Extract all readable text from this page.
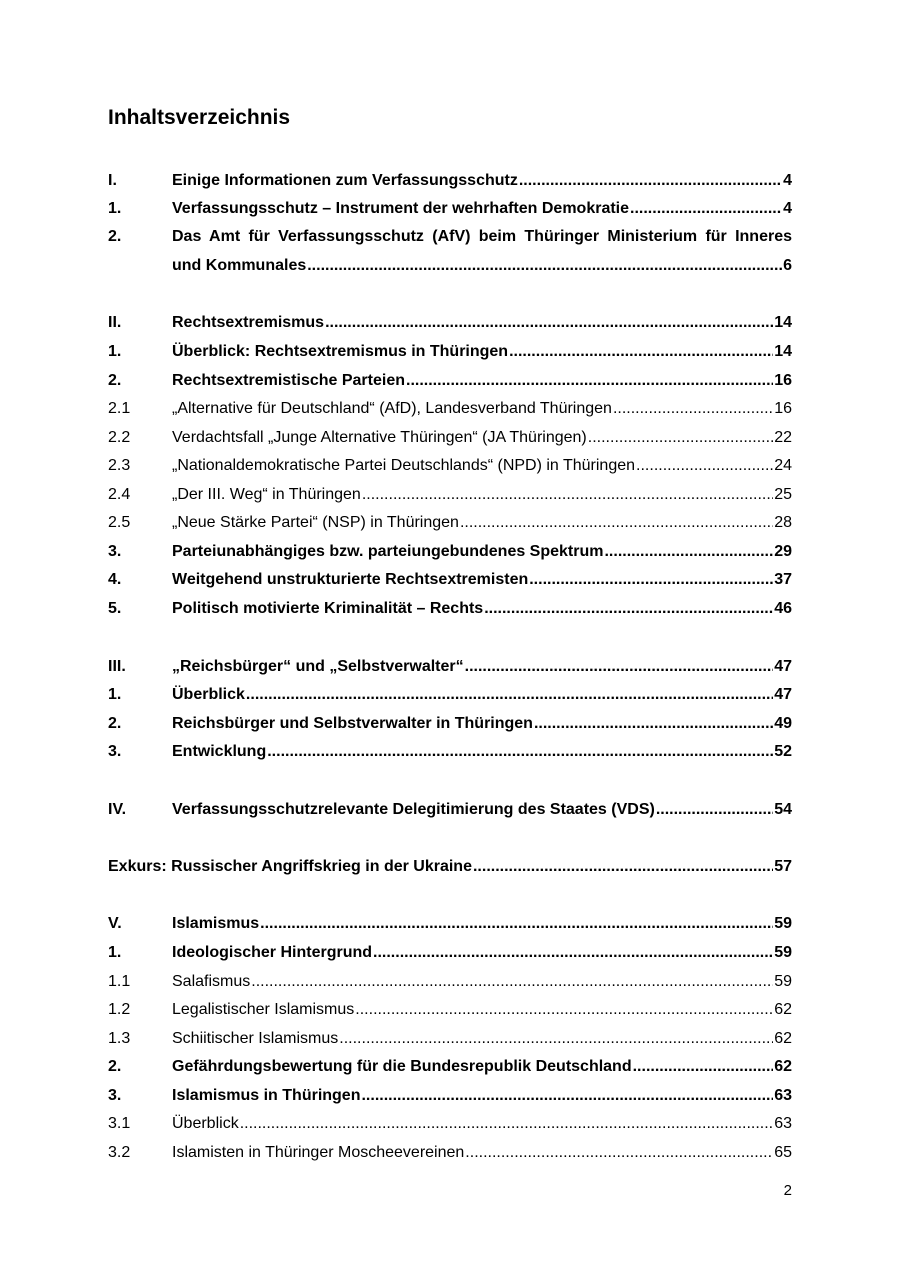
Inhaltsverzeichnis
I.	Einige Informationen zum Verfassungsschutz .....	4
1.	Verfassungsschutz – Instrument der wehrhaften Demokratie .....	4
2.	Das Amt für Verfassungsschutz (AfV) beim Thüringer Ministerium für Inneres
und Kommunales .....	6
II.	Rechtsextremismus .....	14
1.	Überblick: Rechtsextremismus in Thüringen .....	14
2.	Rechtsextremistische Parteien .....	16
2.1	„Alternative für Deutschland“ (AfD), Landesverband Thüringen .....	16
2.2	Verdachtsfall „Junge Alternative Thüringen“ (JA Thüringen) .....	22
2.3	„Nationaldemokratische Partei Deutschlands“ (NPD) in Thüringen .....	24
2.4	„Der III. Weg“ in Thüringen .....	25
2.5	„Neue Stärke Partei“ (NSP) in Thüringen .....	28
3.	Parteiunabhängiges bzw. parteiungebundenes Spektrum .....	29
4.	Weitgehend unstrukturierte Rechtsextremisten .....	37
5.	Politisch motivierte Kriminalität – Rechts .....	46
III.	„Reichsbürger“ und „Selbstverwalter“ .....	47
1.	Überblick .....	47
2.	Reichsbürger und Selbstverwalter in Thüringen .....	49
3.	Entwicklung .....	52
IV.	Verfassungsschutzrelevante Delegitimierung des Staates (VDS) .....	54
Exkurs: Russischer Angriffskrieg in der Ukraine .....	57
V.	Islamismus .....	59
1.	Ideologischer Hintergrund .....	59
1.1	Salafismus .....	59
1.2	Legalistischer Islamismus .....	62
1.3	Schiitischer Islamismus .....	62
2.	Gefährdungsbewertung für die Bundesrepublik Deutschland .....	62
3.	Islamismus in Thüringen .....	63
3.1	Überblick .....	63
3.2	Islamisten in Thüringer Moscheevereinen .....	65
2
